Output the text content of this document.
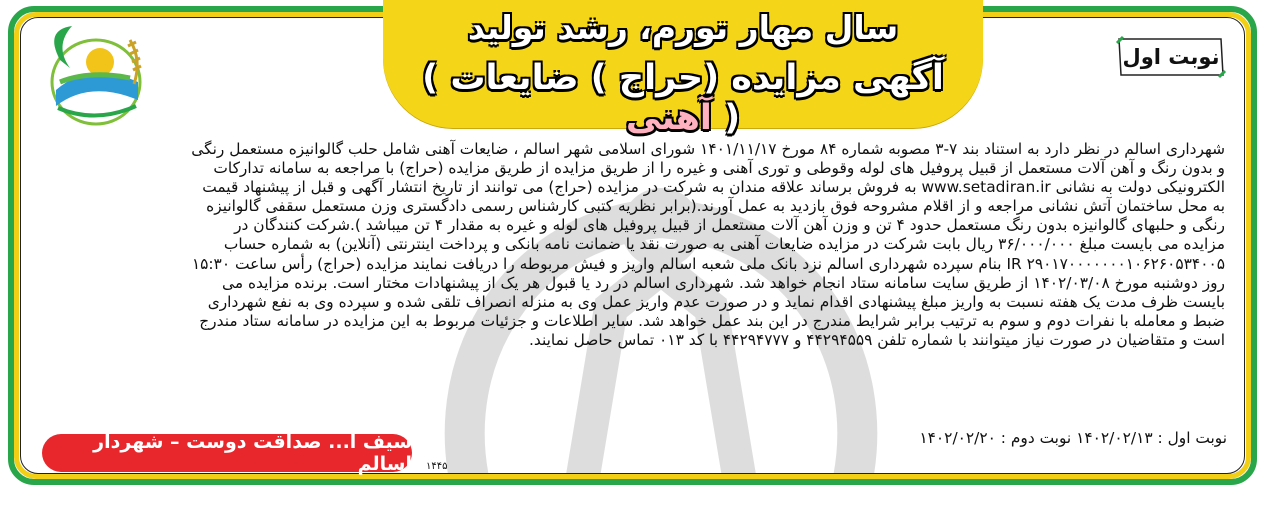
سال مهار تورم، رشد تولید
( آگهی مزایده (حراج ) ضایعات آهنی )
نوبت اول
شهرداری اسالم در نظر دارد به استناد بند ۷-۳ مصوبه شماره ۸۴ مورخ ۱۴۰۱/۱۱/۱۷ شورای اسلامی شهر اسالم ، ضایعات آهنی شامل حلب گالوانیزه مستعمل رنگی
و بدون رنگ و آهن آلات مستعمل از قبیل پروفیل های لوله وقوطی و توری آهنی و غیره را از طریق مزایده از طریق مزایده (حراج) با مراجعه به سامانه تدارکات
الکترونیکی دولت به نشانی www.setadiran.ir به فروش برساند علاقه مندان به شرکت در مزایده (حراج) می توانند از تاریخ انتشار آگهی و قبل از پیشنهاد قیمت
به محل ساختمان آتش نشانی مراجعه و از اقلام مشروحه فوق بازدید به عمل آورند.(برابر نظریه کتبی کارشناس رسمی دادگستری وزن مستعمل سقفی گالوانیزه
رنگی و حلبهای گالوانیزه بدون رنگ مستعمل حدود ۴ تن و وزن آهن آلات مستعمل از قبیل پروفیل های لوله و غیره به مقدار ۴ تن میباشد ).شرکت کنندگان در
مزایده می بایست مبلغ ۳۶/۰۰۰/۰۰۰ ریال بابت شرکت در مزایده ضایعات آهنی به صورت نقد یا ضمانت نامه بانکی و پرداخت اینترنتی (آنلاین) به شماره حساب
IR ۲۹۰۱۷۰۰۰۰۰۰۰۱۰۶۲۶۰۵۳۴۰۰۵ بنام سپرده شهرداری اسالم نزد بانک ملی شعبه اسالم واریز و فیش مربوطه را دریافت نمایند مزایده (حراج) رأس ساعت ۱۵:۳۰
روز دوشنبه مورخ ۱۴۰۲/۰۳/۰۸ از طریق سایت سامانه ستاد انجام خواهد شد. شهرداری اسالم در رد یا قبول هر یک از پیشنهادات مختار است. برنده مزایده می
بایست ظرف مدت یک هفته نسبت به واریز مبلغ پیشنهادی اقدام نماید و در صورت عدم واریز عمل وی به منزله انصراف تلقی شده و سپرده وی به نفع شهرداری
ضبط و معامله با نفرات دوم و سوم به ترتیب برابر شرایط مندرج در این بند عمل خواهد شد. سایر اطلاعات و جزئیات مربوط به این مزایده در سامانه ستاد مندرج
است و متقاضیان در صورت نیاز میتوانند با شماره تلفن ۴۴۲۹۴۵۵۹ و ۴۴۲۹۴۷۷۷ با کد ۰۱۳ تماس حاصل نمایند.
نوبت اول : ۱۴۰۲/۰۲/۱۳ نوبت دوم : ۱۴۰۲/۰۲/۲۰
سیف ا... صداقت دوست – شهردار اسالم ۱۴۴۵
